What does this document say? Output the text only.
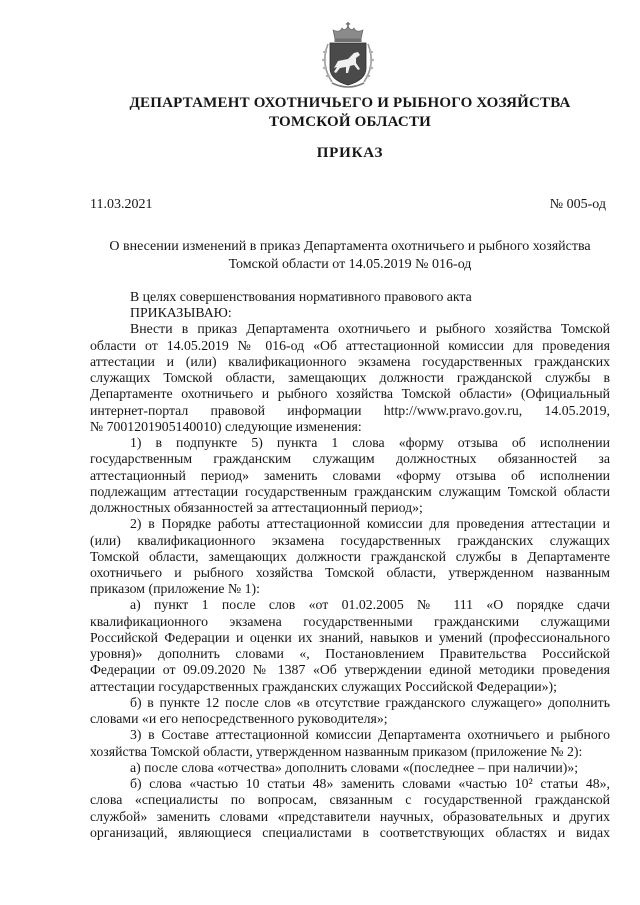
ДЕПАРТАМЕНТ ОХОТНИЧЬЕГО И РЫБНОГО ХОЗЯЙСТВА
ТОМСКОЙ ОБЛАСТИ
ПРИКАЗ
11.03.2021	№ 005-од
О внесении изменений в приказ Департамента охотничьего и рыбного хозяйства
Томской области от 14.05.2019 № 016-од
В целях совершенствования нормативного правового акта
ПРИКАЗЫВАЮ:
Внести в приказ Департамента охотничьего и рыбного хозяйства Томской
области от 14.05.2019 № 016-од «Об аттестационной комиссии для проведения
аттестации и (или) квалификационного экзамена государственных гражданских
служащих Томской области, замещающих должности гражданской службы в
Департаменте охотничьего и рыбного хозяйства Томской области» (Официальный
интернет-портал правовой информации http://www.pravo.gov.ru, 14.05.2019,
№ 7001201905140010) следующие изменения:
1) в подпункте 5) пункта 1 слова «форму отзыва об исполнении
государственным гражданским служащим должностных обязанностей за
аттестационный период» заменить словами «форму отзыва об исполнении
подлежащим аттестации государственным гражданским служащим Томской области
должностных обязанностей за аттестационный период»;
2) в Порядке работы аттестационной комиссии для проведения аттестации и
(или) квалификационного экзамена государственных гражданских служащих
Томской области, замещающих должности гражданской службы в Департаменте
охотничьего и рыбного хозяйства Томской области, утвержденном названным
приказом (приложение № 1):
а) пункт 1 после слов «от 01.02.2005 № 111 «О порядке сдачи
квалификационного экзамена государственными гражданскими служащими
Российской Федерации и оценки их знаний, навыков и умений (профессионального
уровня)» дополнить словами «, Постановлением Правительства Российской
Федерации от 09.09.2020 № 1387 «Об утверждении единой методики проведения
аттестации государственных гражданских служащих Российской Федерации»);
б) в пункте 12 после слов «в отсутствие гражданского служащего» дополнить
словами «и его непосредственного руководителя»;
3) в Составе аттестационной комиссии Департамента охотничьего и рыбного
хозяйства Томской области, утвержденном названным приказом (приложение № 2):
а) после слова «отчества» дополнить словами «(последнее – при наличии)»;
б) слова «частью 10 статьи 48» заменить словами «частью 10² статьи 48»,
слова «специалисты по вопросам, связанным с государственной гражданской
службой» заменить словами «представители научных, образовательных и других
организаций, являющиеся специалистами в соответствующих областях и видах
